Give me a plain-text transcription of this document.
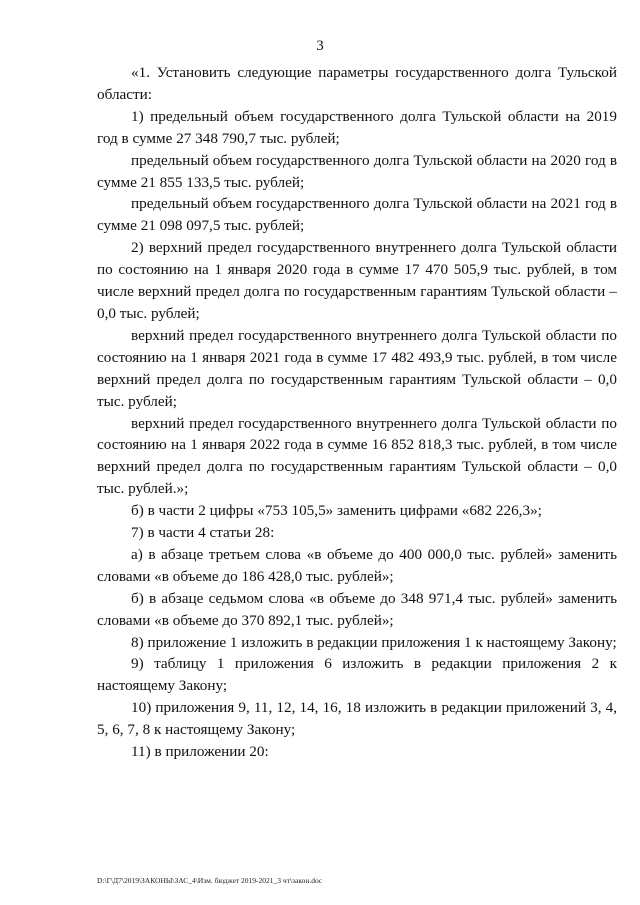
3

«1. Установить следующие параметры государственного долга Тульской области:

1) предельный объем государственного долга Тульской области на 2019 год в сумме 27 348 790,7 тыс. рублей;

предельный объем государственного долга Тульской области на 2020 год в сумме 21 855 133,5 тыс. рублей;

предельный объем государственного долга Тульской области на 2021 год в сумме 21 098 097,5 тыс. рублей;

2) верхний предел государственного внутреннего долга Тульской области по состоянию на 1 января 2020 года в сумме 17 470 505,9 тыс. рублей, в том числе верхний предел долга по государственным гарантиям Тульской области – 0,0 тыс. рублей;

верхний предел государственного внутреннего долга Тульской области по состоянию на 1 января 2021 года в сумме 17 482 493,9 тыс. рублей, в том числе верхний предел долга по государственным гарантиям Тульской области – 0,0 тыс. рублей;

верхний предел государственного внутреннего долга Тульской области по состоянию на 1 января 2022 года в сумме 16 852 818,3 тыс. рублей, в том числе верхний предел долга по государственным гарантиям Тульской области – 0,0 тыс. рублей.»;

б) в части 2 цифры «753 105,5» заменить цифрами «682 226,3»;

7) в части 4 статьи 28:

а) в абзаце третьем слова «в объеме до 400 000,0 тыс. рублей» заменить словами «в объеме до 186 428,0 тыс. рублей»;

б) в абзаце седьмом слова «в объеме до 348 971,4 тыс. рублей» заменить словами «в объеме до 370 892,1 тыс. рублей»;

8) приложение 1 изложить в редакции приложения 1 к настоящему Закону;

9) таблицу 1 приложения 6 изложить в редакции приложения 2 к настоящему Закону;

10) приложения 9, 11, 12, 14, 16, 18 изложить в редакции приложений 3, 4, 5, 6, 7, 8 к настоящему Закону;

11) в приложении 20:

D:\Г\Д7\2019\ЗАКОНЫ\ЗАС_4\Изм. бюджет 2019-2021_3 чт\закон.doc
